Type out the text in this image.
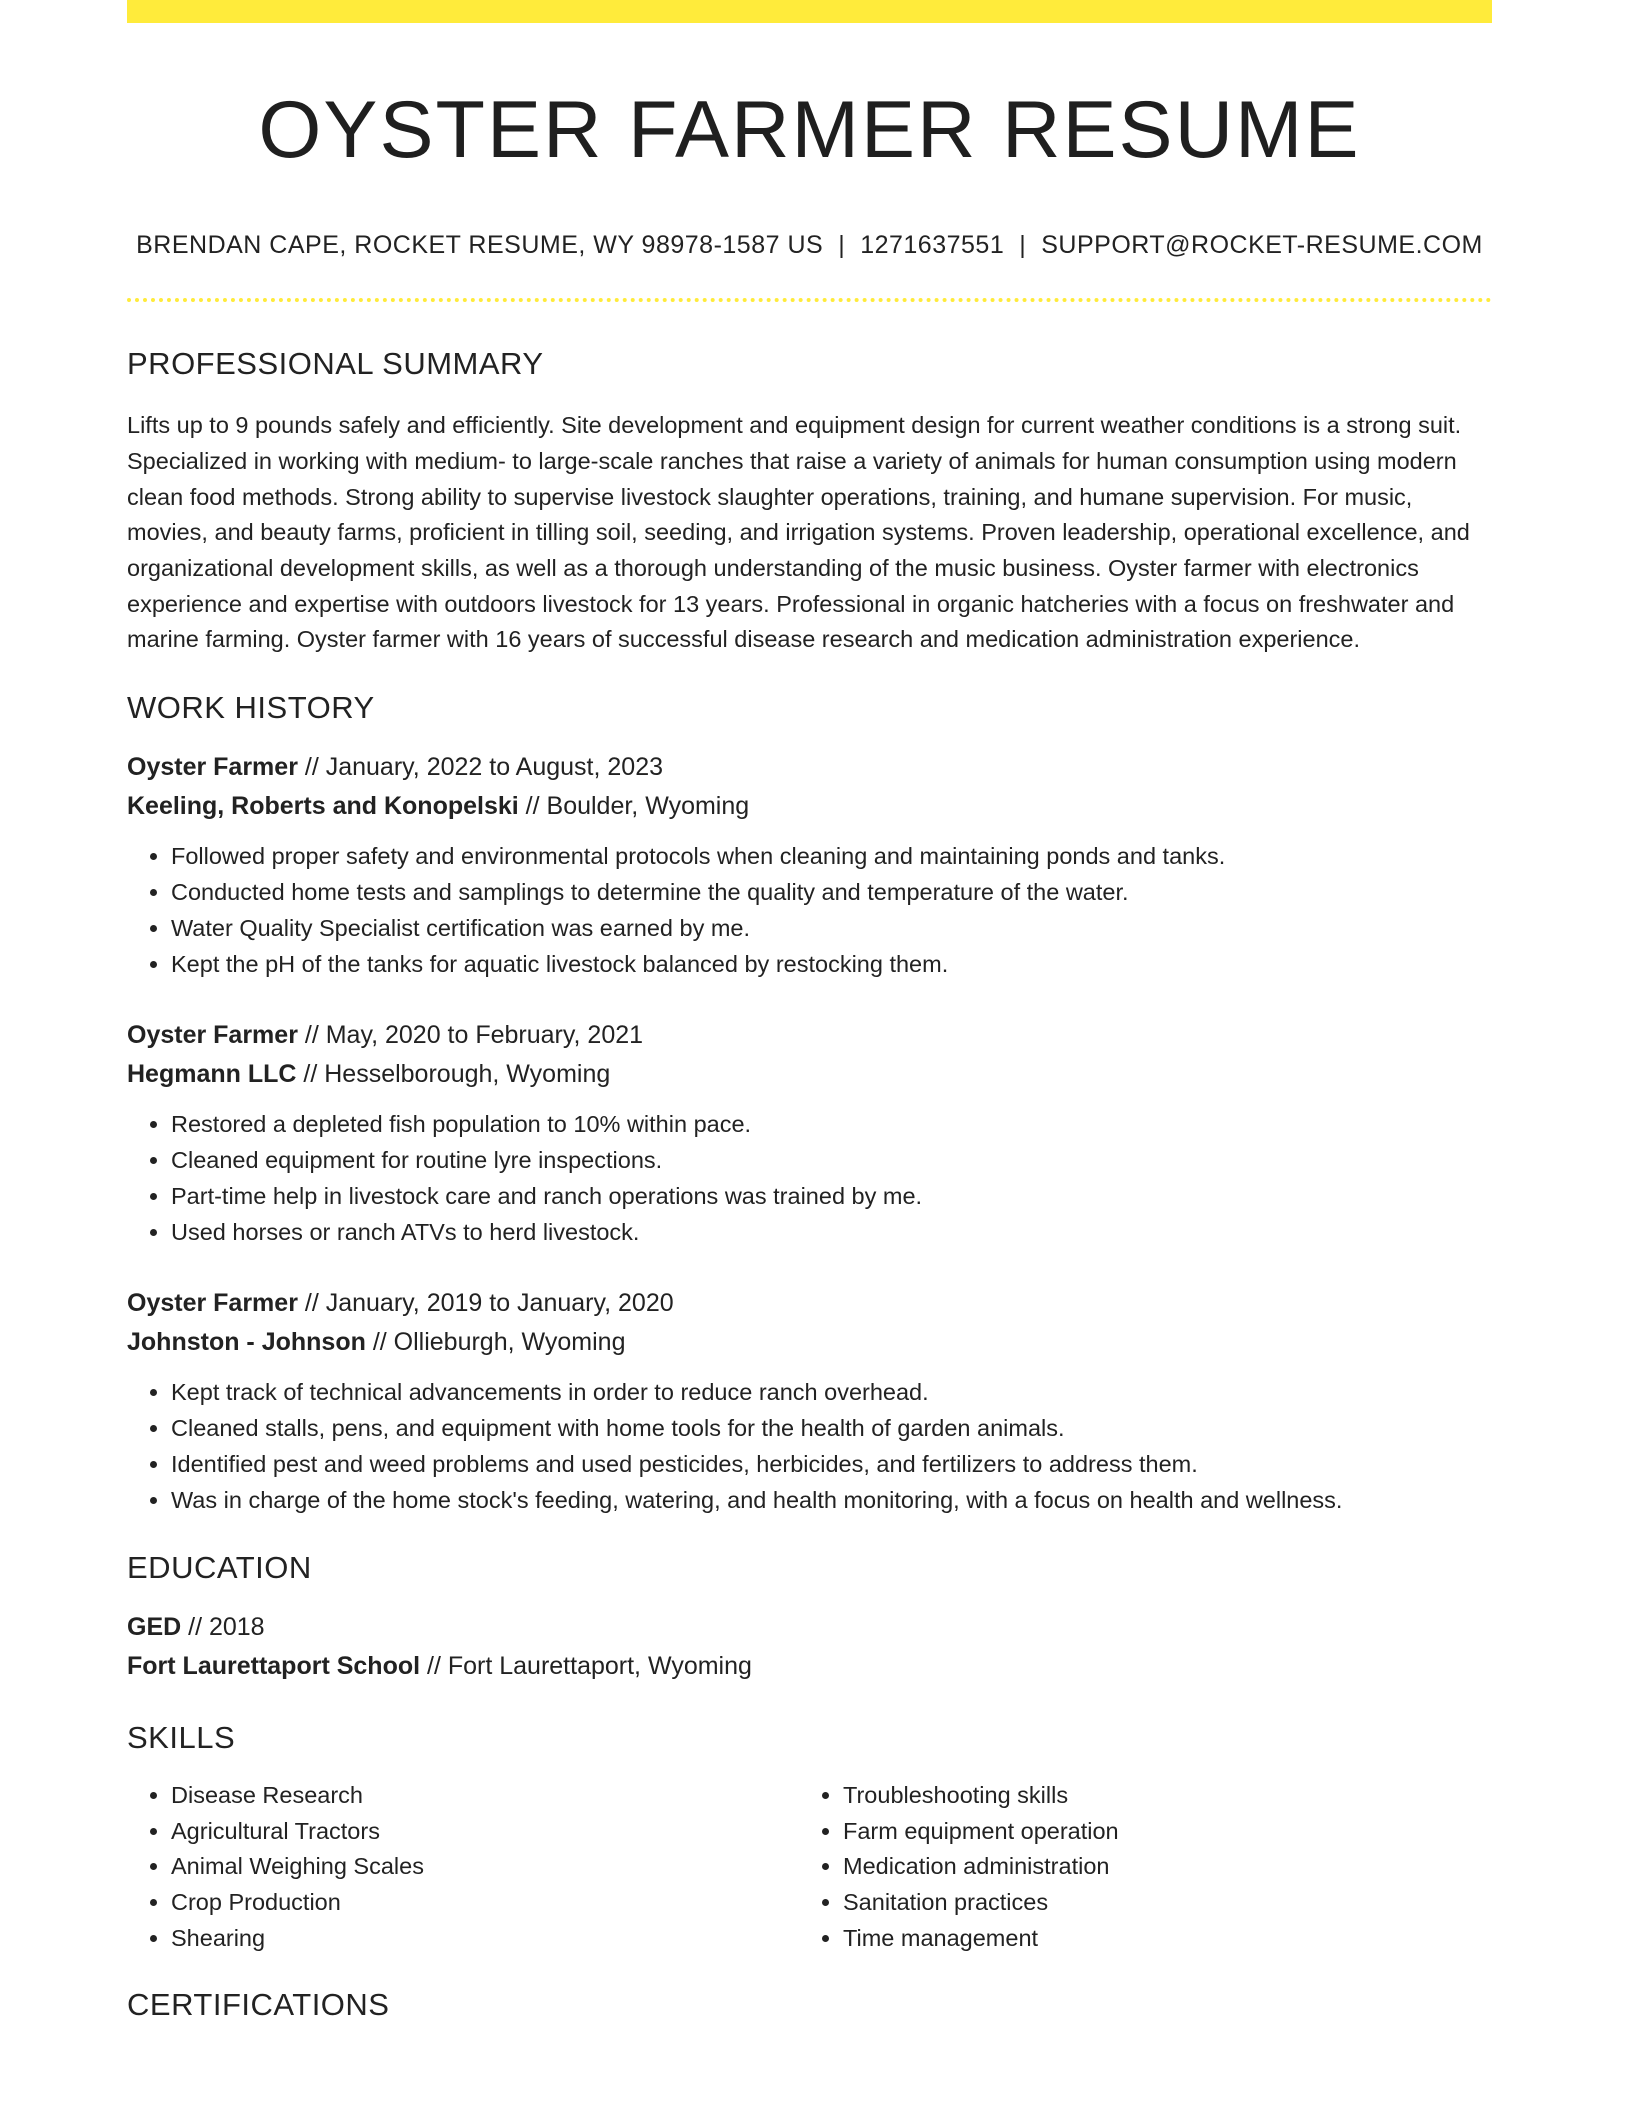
OYSTER FARMER RESUME
BRENDAN CAPE, ROCKET RESUME, WY 98978-1587 US | 1271637551 | SUPPORT@ROCKET-RESUME.COM
PROFESSIONAL SUMMARY

Lifts up to 9 pounds safely and efficiently. Site development and equipment design for current weather conditions is a strong suit. Specialized in working with medium- to large-scale ranches that raise a variety of animals for human consumption using modern clean food methods. Strong ability to supervise livestock slaughter operations, training, and humane supervision. For music, movies, and beauty farms, proficient in tilling soil, seeding, and irrigation systems. Proven leadership, operational excellence, and organizational development skills, as well as a thorough understanding of the music business. Oyster farmer with electronics experience and expertise with outdoors livestock for 13 years. Professional in organic hatcheries with a focus on freshwater and marine farming. Oyster farmer with 16 years of successful disease research and medication administration experience.

WORK HISTORY
Oyster Farmer // January, 2022 to August, 2023
Keeling, Roberts and Konopelski // Boulder, Wyoming
• Followed proper safety and environmental protocols when cleaning and maintaining ponds and tanks.
• Conducted home tests and samplings to determine the quality and temperature of the water.
• Water Quality Specialist certification was earned by me.
• Kept the pH of the tanks for aquatic livestock balanced by restocking them.
Oyster Farmer // May, 2020 to February, 2021
Hegmann LLC // Hesselborough, Wyoming
• Restored a depleted fish population to 10% within pace.
• Cleaned equipment for routine lyre inspections.
• Part-time help in livestock care and ranch operations was trained by me.
• Used horses or ranch ATVs to herd livestock.
Oyster Farmer // January, 2019 to January, 2020
Johnston - Johnson // Ollieburgh, Wyoming
• Kept track of technical advancements in order to reduce ranch overhead.
• Cleaned stalls, pens, and equipment with home tools for the health of garden animals.
• Identified pest and weed problems and used pesticides, herbicides, and fertilizers to address them.
• Was in charge of the home stock's feeding, watering, and health monitoring, with a focus on health and wellness.
EDUCATION
GED // 2018
Fort Laurettaport School // Fort Laurettaport, Wyoming
SKILLS
• Disease Research
• Agricultural Tractors
• Animal Weighing Scales
• Crop Production
• Shearing
• Troubleshooting skills
• Farm equipment operation
• Medication administration
• Sanitation practices
• Time management
CERTIFICATIONS
